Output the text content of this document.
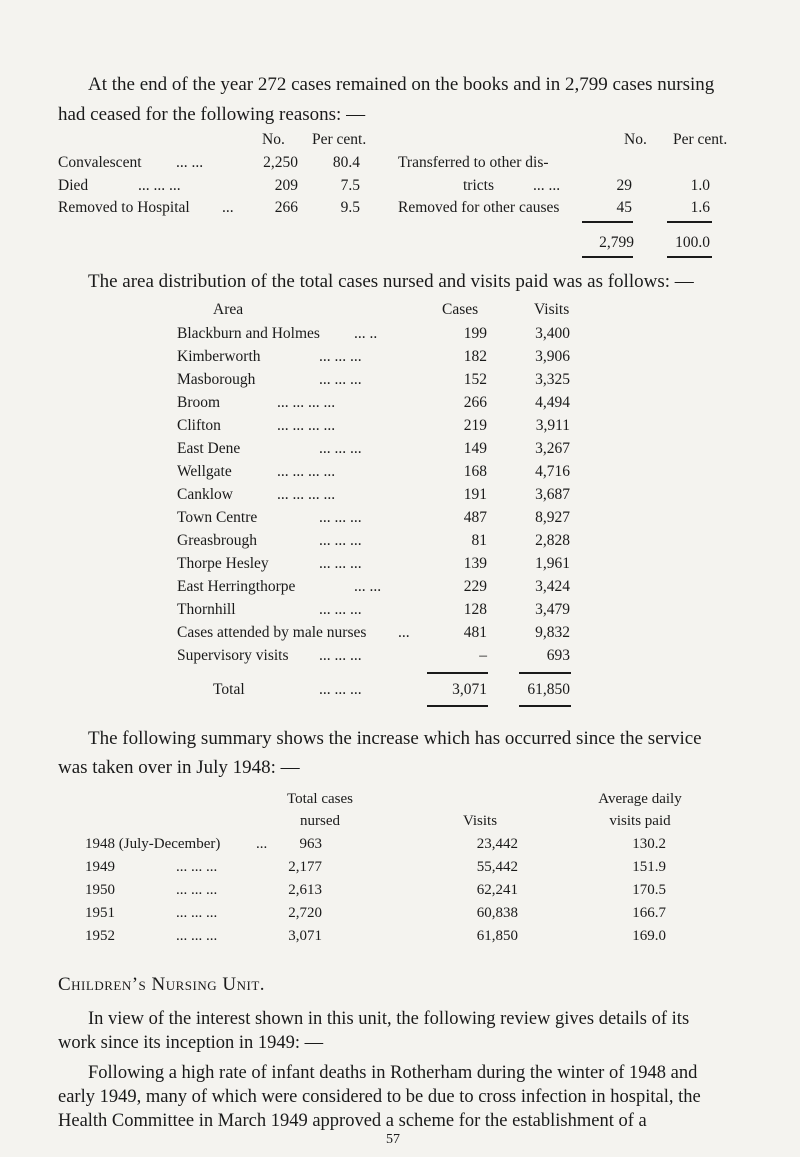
At the end of the year 272 cases remained on the books and in 2,799 cases nursing
had ceased for the following reasons: —
No. Per cent.	No. Per cent.
Convalescent ... ...	2,250	80.4
Died	... ... ...	209	7.5
Removed to Hospital ...	266	9.5
Transferred to other dis-
tricts	... ...	29	1.0
Removed for other causes	45	1.6
2,799	100.0
The area distribution of the total cases nursed and visits paid was as follows: —
Area	Cases	Visits
Blackburn and Holmes ... ..	199	3,400
Kimberworth	... ... ...	182	3,906
Masborough	... ... ...	152	3,325
Broom	... ... ... ...	266	4,494
Clifton	... ... ... ...	219	3,911
East Dene	... ... ...	149	3,267
Wellgate	... ... ... ...	168	4,716
Canklow	... ... ... ...	191	3,687
Town Centre	... ... ...	487	8,927
Greasbrough	... ... ...	81	2,828
Thorpe Hesley	... ... ...	139	1,961
East Herringthorpe	... ...	229	3,424
Thornhill	... ... ...	128	3,479
Cases attended by male nurses ...	481	9,832
Supervisory visits ... ... ...	–	693
Total	... ... ...	3,071	61,850
The following summary shows the increase which has occurred since the service
was taken over in July 1948: —
Total cases
nursed	Visits
Average daily
visits paid
1948 (July-December) ...	963	23,442	130.2
1949	... ... ...	2,177	55,442	151.9
1950	... ... ...	2,613	62,241	170.5
1951	... ... ...	2,720	60,838	166.7
1952	... ... ...	3,071	61,850	169.0
Children’s Nursing Unit.
In view of the interest shown in this unit, the following review gives details of its
work since its inception in 1949: —
Following a high rate of infant deaths in Rotherham during the winter of 1948 and
early 1949, many of which were considered to be due to cross infection in hospital, the
Health Committee in March 1949 approved a scheme for the establishment of a
57
